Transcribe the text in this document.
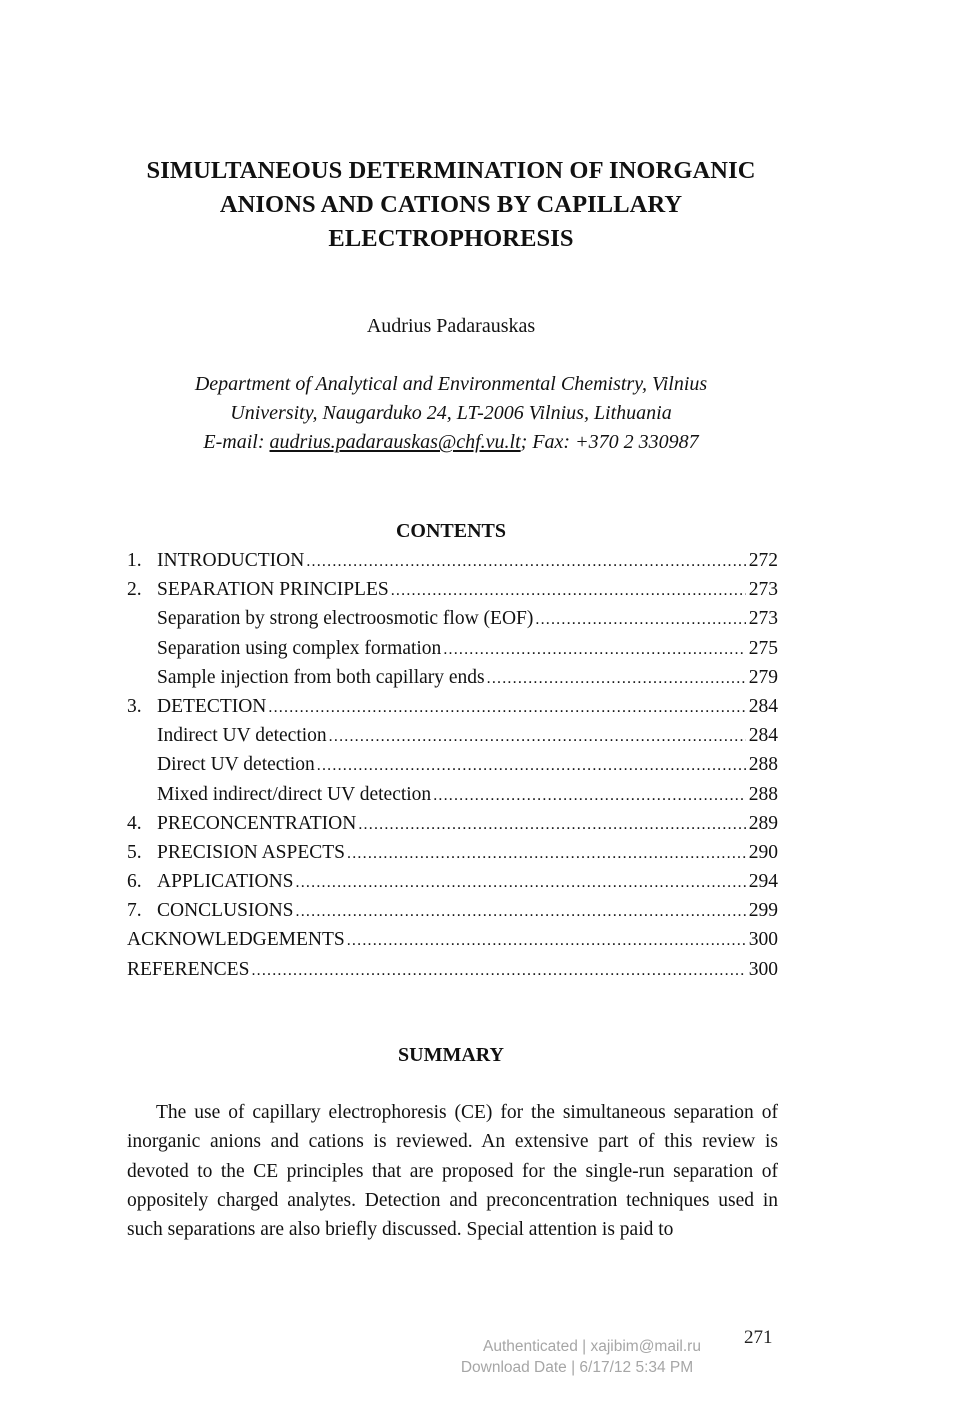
SIMULTANEOUS DETERMINATION OF INORGANIC
ANIONS AND CATIONS BY CAPILLARY
ELECTROPHORESIS
Audrius Padarauskas
Department of Analytical and Environmental Chemistry, Vilnius
University, Naugarduko 24, LT-2006 Vilnius, Lithuania
E-mail: audrius.padarauskas@chf.vu.lt; Fax: +370 2 330987
CONTENTS
1. INTRODUCTION .....	272
2. SEPARATION PRINCIPLES .....	273
Separation by strong electroosmotic flow (EOF) .....	273
Separation using complex formation .....	275
Sample injection from both capillary ends .....	279
3. DETECTION .....	284
Indirect UV detection .....	284
Direct UV detection .....	288
Mixed indirect/direct UV detection .....	288
4. PRECONCENTRATION .....	289
5. PRECISION ASPECTS .....	290
6. APPLICATIONS .....	294
7. CONCLUSIONS .....	299
ACKNOWLEDGEMENTS .....	300
REFERENCES .....	300
SUMMARY

The use of capillary electrophoresis (CE) for the simultaneous separation of inorganic anions and cations is reviewed. An extensive part of this review is devoted to the CE principles that are proposed for the single-run separation of oppositely charged analytes. Detection and preconcentration techniques used in such separations are also briefly discussed. Special attention is paid to

271
Authenticated | xajibim@mail.ru
Download Date | 6/17/12 5:34 PM
